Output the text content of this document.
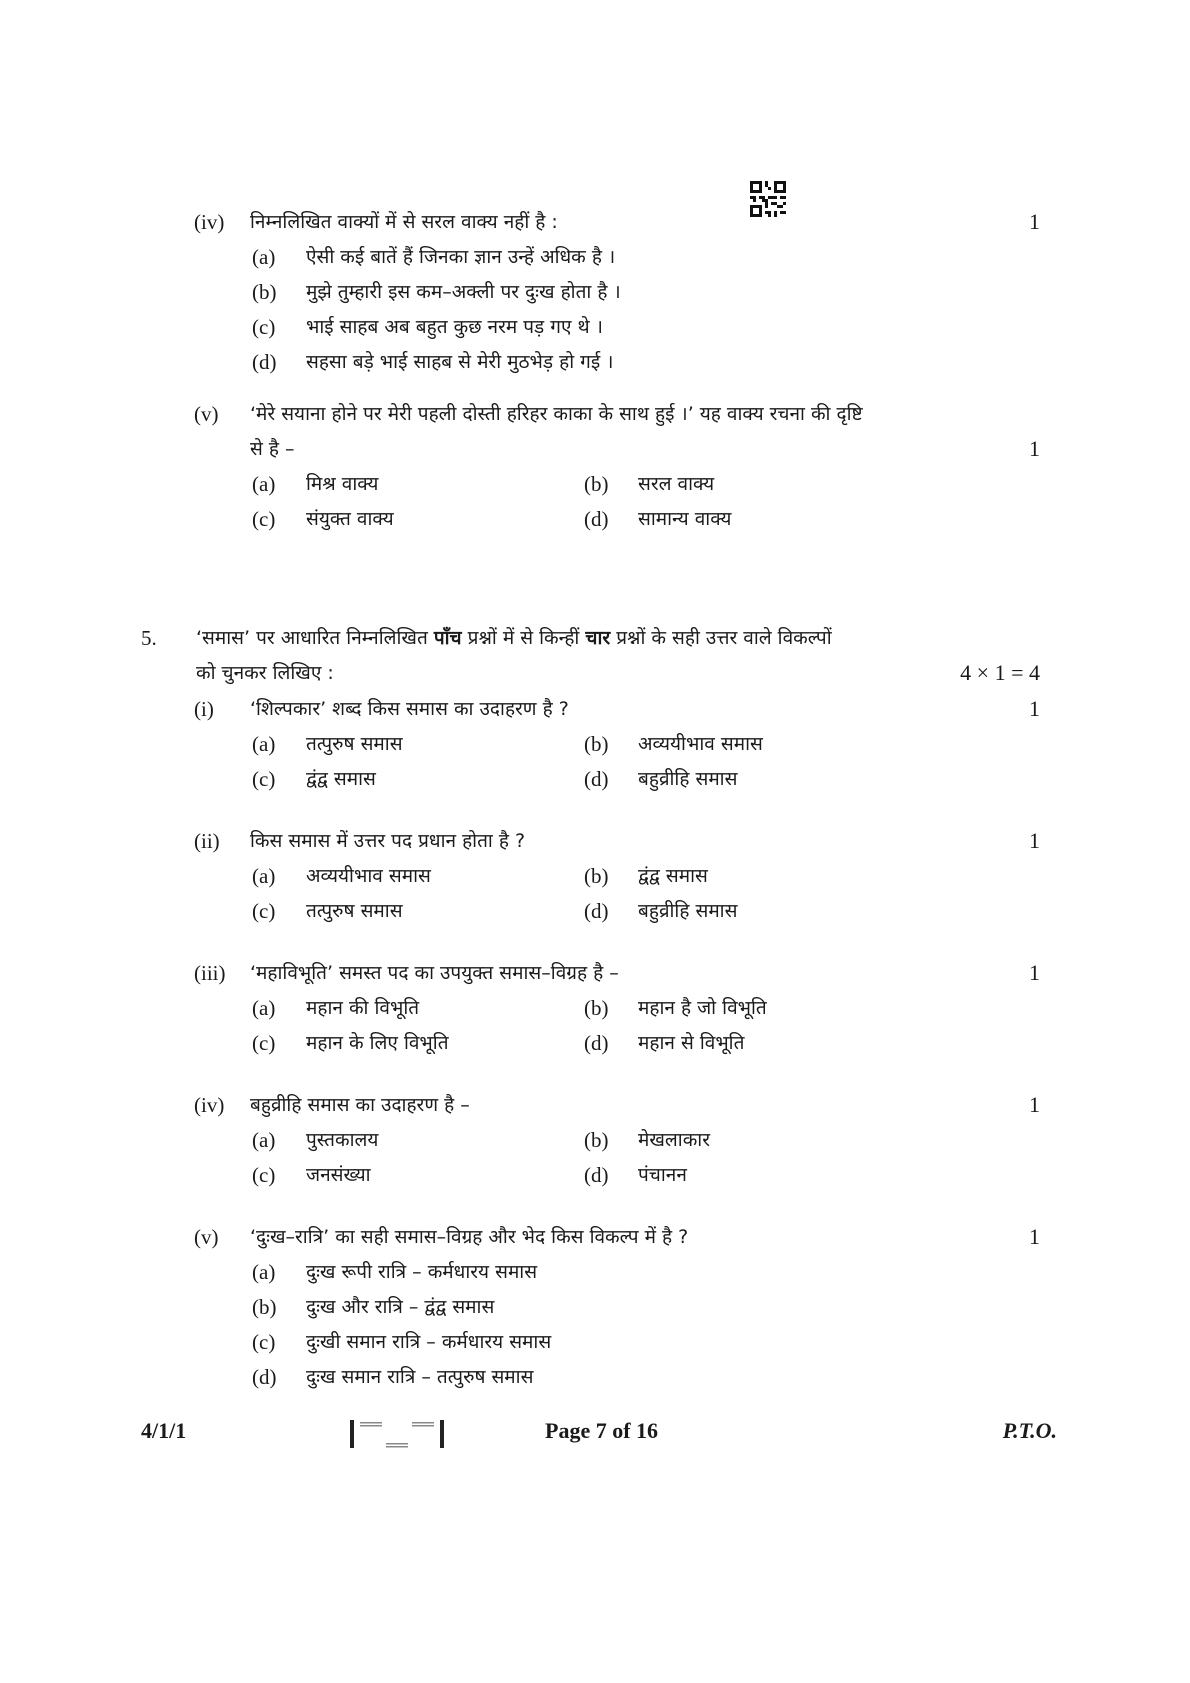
(iv) निम्नलिखित वाक्यों में से सरल वाक्य नहीं है :	1
(a) ऐसी कई बातें हैं जिनका ज्ञान उन्हें अधिक है ।
(b) मुझे तुम्हारी इस कम–अक्ली पर दुःख होता है ।
(c) भाई साहब अब बहुत कुछ नरम पड़ गए थे ।
(d) सहसा बड़े भाई साहब से मेरी मुठभेड़ हो गई ।
(v) ‘मेरे सयाना होने पर मेरी पहली दोस्ती हरिहर काका के साथ हुई ।’ यह वाक्य रचना की दृष्टि
से है –	1
(a) मिश्र वाक्य	(b) सरल वाक्य
(c) संयुक्त वाक्य	(d) सामान्य वाक्य
5. ‘समास’ पर आधारित निम्नलिखित पाँच प्रश्नों में से किन्हीं चार प्रश्नों के सही उत्तर वाले विकल्पों
को चुनकर लिखिए :	4 × 1 = 4
(i) ‘शिल्पकार’ शब्द किस समास का उदाहरण है ?	1
(a) तत्पुरुष समास	(b) अव्ययीभाव समास
(c) द्वंद्व समास	(d) बहुव्रीहि समास
(ii) किस समास में उत्तर पद प्रधान होता है ?	1
(a) अव्ययीभाव समास	(b) द्वंद्व समास
(c) तत्पुरुष समास	(d) बहुव्रीहि समास
(iii) ‘महाविभूति’ समस्त पद का उपयुक्त समास–विग्रह है –	1
(a) महान की विभूति	(b) महान है जो विभूति
(c) महान के लिए विभूति	(d) महान से विभूति
(iv) बहुव्रीहि समास का उदाहरण है –	1
(a) पुस्तकालय	(b) मेखलाकार
(c) जनसंख्या	(d) पंचानन
(v) ‘दुःख–रात्रि’ का सही समास–विग्रह और भेद किस विकल्प में है ?	1
(a) दुःख रूपी रात्रि – कर्मधारय समास
(b) दुःख और रात्रि – द्वंद्व समास
(c) दुःखी समान रात्रि – कर्मधारय समास
(d) दुःख समान रात्रि – तत्पुरुष समास
4/1/1	Page 7 of 16	P.T.O.
